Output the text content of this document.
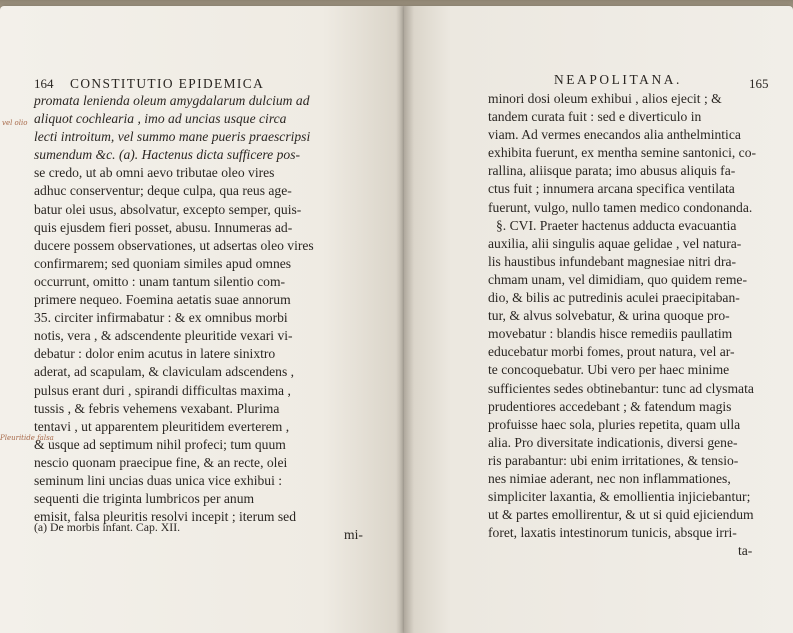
164 CONSTITUTIO EPIDEMICA
promata lenienda oleum amygdalarum dulcium ad
aliquot cochlearia , imo ad uncias usque circa
lecti introitum, vel summo mane pueris praescripsi
sumendum &c. (a). Hactenus dicta sufficere pos-
se credo, ut ab omni aevo tributae oleo vires
adhuc conserventur; deque culpa, qua reus age-
batur olei usus, absolvatur, excepto semper, quis-
quis ejusdem fieri posset, abusu. Innumeras ad-
ducere possem observationes, ut adsertas oleo vires
confirmarem; sed quoniam similes apud omnes
occurrunt, omitto : unam tantum silentio com-
primere nequeo. Foemina aetatis suae annorum
35. circiter infirmabatur : & ex omnibus morbi
notis, vera , & adscendente pleuritide vexari vi-
debatur : dolor enim acutus in latere sinixtro
aderat, ad scapulam, & claviculam adscendens ,
pulsus erant duri , spirandi difficultas maxima ,
tussis , & febris vehemens vexabant. Plurima
tentavi , ut apparentem pleuritidem everterem ,
& usque ad septimum nihil profeci; tum quum
nescio quonam praecipue fine, & an recte, olei
seminum lini uncias duas unica vice exhibui :
sequenti die triginta lumbricos per anum
emisit, falsa pleuritis resolvi incepit ; iterum sed
mi-
(a) De morbis infant. Cap. XII.
vel olio
Pleuritide falsa
NEAPOLITANA.	165
minori dosi oleum exhibui , alios ejecit ; &
tandem curata fuit : sed e diverticulo in
viam. Ad vermes enecandos alia anthelmintica
exhibita fuerunt, ex mentha semine santonici, co-
rallina, aliisque parata; imo abusus aliquis fa-
ctus fuit ; innumera arcana specifica ventilata
fuerunt, vulgo, nullo tamen medico condonanda.
§. CVI. Praeter hactenus adducta evacuantia
auxilia, alii singulis aquae gelidae , vel natura-
lis haustibus infundebant magnesiae nitri dra-
chmam unam, vel dimidiam, quo quidem reme-
dio, & bilis ac putredinis aculei praecipitaban-
tur, & alvus solvebatur, & urina quoque pro-
movebatur : blandis hisce remediis paullatim
educebatur morbi fomes, prout natura, vel ar-
te concoquebatur. Ubi vero per haec minime
sufficientes sedes obtinebantur: tunc ad clysmata
prudentiores accedebant ; & fatendum magis
profuisse haec sola, pluries repetita, quam ulla
alia. Pro diversitate indicationis, diversi gene-
ris parabantur: ubi enim irritationes, & tensio-
nes nimiae aderant, nec non inflammationes,
simpliciter laxantia, & emollientia injiciebantur;
ut & partes emollirentur, & ut si quid ejiciendum
foret, laxatis intestinorum tunicis, absque irri-
ta-
